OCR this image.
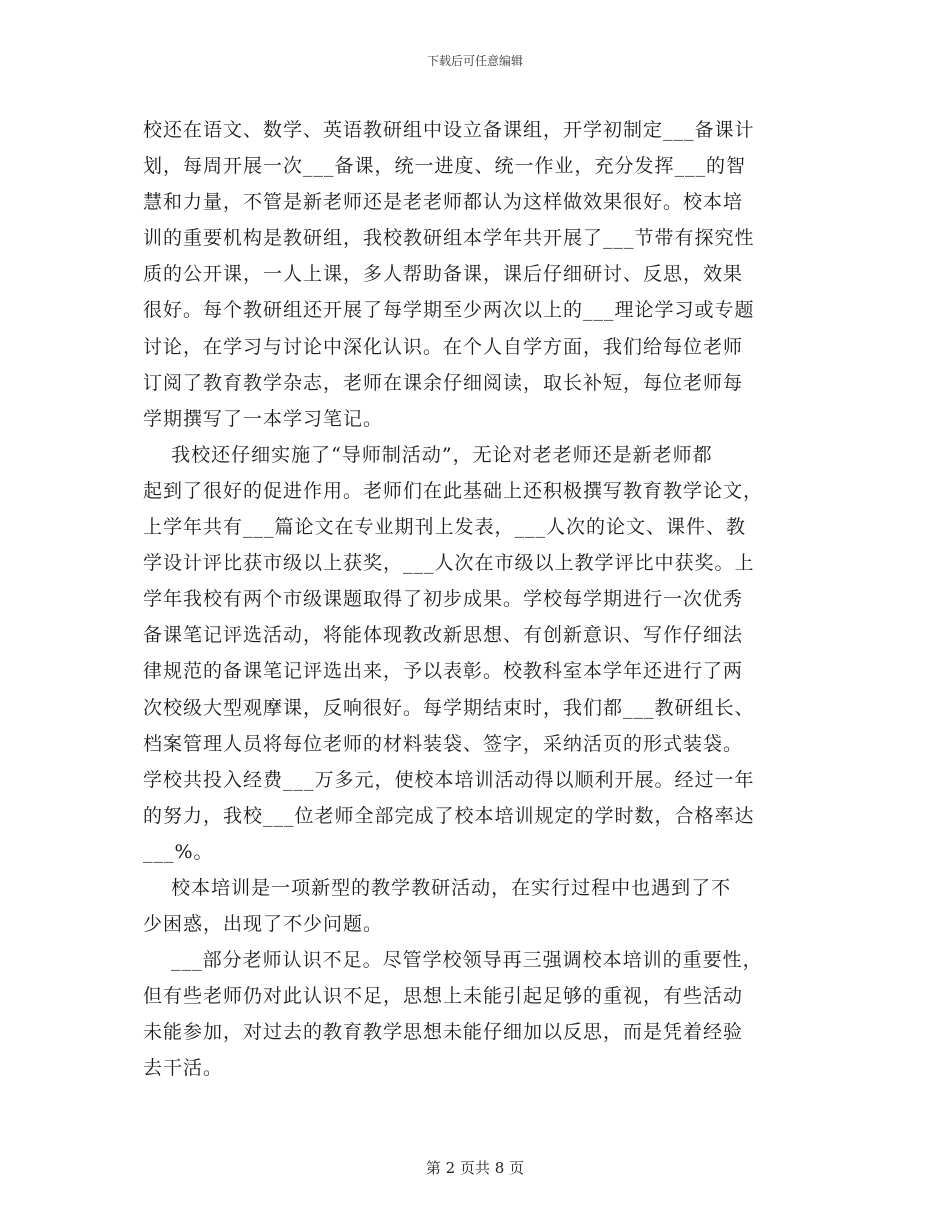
下载后可任意编辑
校还在语文、数学、英语教研组中设立备课组，开学初制定___备课计
划，每周开展一次___备课，统一进度、统一作业，充分发挥___的智
慧和力量，不管是新老师还是老老师都认为这样做效果很好。校本培
训的重要机构是教研组，我校教研组本学年共开展了___节带有探究性
质的公开课，一人上课，多人帮助备课，课后仔细研讨、反思，效果
很好。每个教研组还开展了每学期至少两次以上的___理论学习或专题
讨论，在学习与讨论中深化认识。在个人自学方面，我们给每位老师
订阅了教育教学杂志，老师在课余仔细阅读，取长补短，每位老师每
学期撰写了一本学习笔记。
我校还仔细实施了“导师制活动”，无论对老老师还是新老师都
起到了很好的促进作用。老师们在此基础上还积极撰写教育教学论文，
上学年共有___篇论文在专业期刊上发表，___人次的论文、课件、教
学设计评比获市级以上获奖，___人次在市级以上教学评比中获奖。上
学年我校有两个市级课题取得了初步成果。学校每学期进行一次优秀
备课笔记评选活动，将能体现教改新思想、有创新意识、写作仔细法
律规范的备课笔记评选出来，予以表彰。校教科室本学年还进行了两
次校级大型观摩课，反响很好。每学期结束时，我们都___教研组长、
档案管理人员将每位老师的材料装袋、签字，采纳活页的形式装袋。
学校共投入经费___万多元，使校本培训活动得以顺利开展。经过一年
的努力，我校___位老师全部完成了校本培训规定的学时数，合格率达
___%。
校本培训是一项新型的教学教研活动，在实行过程中也遇到了不
少困惑，出现了不少问题。
___部分老师认识不足。尽管学校领导再三强调校本培训的重要性，
但有些老师仍对此认识不足，思想上未能引起足够的重视，有些活动
未能参加，对过去的教育教学思想未能仔细加以反思，而是凭着经验
去干活。
第 2 页共 8 页
